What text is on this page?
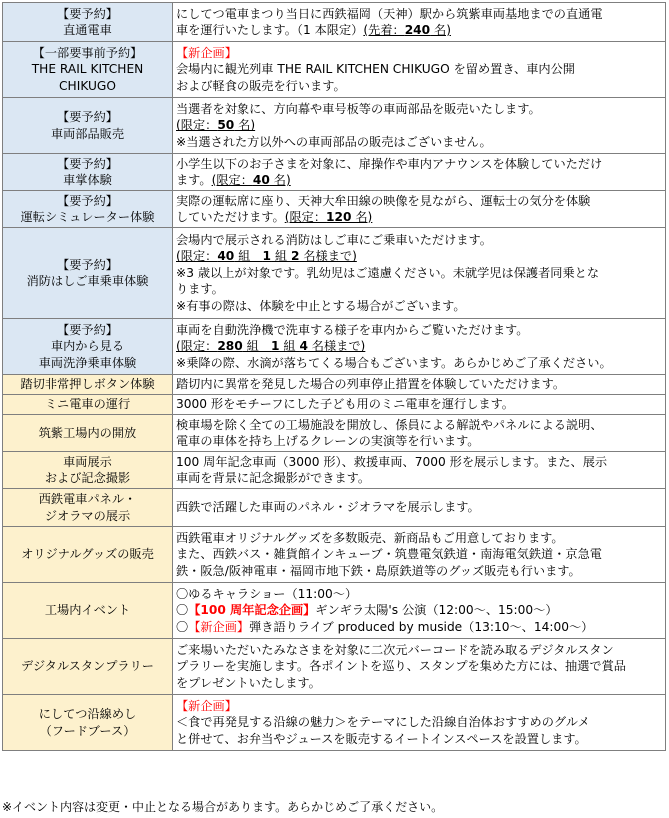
【要予約】
直通電車	にしてつ電車まつり当日に西鉄福岡（天神）駅から筑紫車両基地までの直通電
車を運行いたします。（1 本限定）(先着：240 名)

【一部要事前予約】
THE RAIL KITCHEN
CHIKUGO	【新企画】
会場内に観光列車 THE RAIL KITCHEN CHIKUGO を留め置き、車内公開
および軽食の販売を行います。

【要予約】
車両部品販売	当選者を対象に、方向幕や車号板等の車両部品を販売いたします。
(限定：50 名)
※当選された方以外への車両部品の販売はございません。

【要予約】
車掌体験	小学生以下のお子さまを対象に、扉操作や車内アナウンスを体験していただけ
ます。(限定：40 名)

【要予約】
運転シミュレーター体験	実際の運転席に座り、天神大牟田線の映像を見ながら、運転士の気分を体験
していただけます。(限定：120 名)

【要予約】
消防はしご車乗車体験	会場内で展示される消防はしご車にご乗車いただけます。
(限定：40 組　1 組 2 名様まで)
※3 歳以上が対象です。乳幼児はご遠慮ください。未就学児は保護者同乗とな
ります。
※有事の際は、体験を中止とする場合がございます。

【要予約】
車内から見る
車両洗浄乗車体験	車両を自動洗浄機で洗車する様子を車内からご覧いただけます。
(限定：280 組　1 組 4 名様まで)
※乗降の際、水滴が落ちてくる場合もございます。あらかじめご了承ください。

踏切非常押しボタン体験	踏切内に異常を発見した場合の列車停止措置を体験していただけます。

ミニ電車の運行	3000 形をモチーフにした子ども用のミニ電車を運行します。

筑紫工場内の開放	検車場を除く全ての工場施設を開放し、係員による解説やパネルによる説明、
電車の車体を持ち上げるクレーンの実演等を行います。

車両展示
および記念撮影	100 周年記念車両（3000 形）、救援車両、7000 形を展示します。また、展示
車両を背景に記念撮影ができます。

西鉄電車パネル・
ジオラマの展示	西鉄で活躍した車両のパネル・ジオラマを展示します。

オリジナルグッズの販売	西鉄電車オリジナルグッズを多数販売、新商品もご用意しております。
また、西鉄バス・雑貨館インキューブ・筑豊電気鉄道・南海電気鉄道・京急電
鉄・阪急/阪神電車・福岡市地下鉄・島原鉄道等のグッズ販売も行います。

工場内イベント	〇ゆるキャラショー（11:00～）
〇【100 周年記念企画】ギンギラ太陽's 公演（12:00～、15:00～）
〇【新企画】弾き語りライブ produced by muside（13:10～、14:00～）

デジタルスタンプラリー	ご来場いただいたみなさまを対象に二次元バーコードを読み取るデジタルスタン
プラリーを実施します。各ポイントを巡り、スタンプを集めた方には、抽選で賞品
をプレゼントいたします。

にしてつ沿線めし
（フードブース）	【新企画】
＜食で再発見する沿線の魅力＞をテーマにした沿線自治体おすすめのグルメ
と併せて、お弁当やジュースを販売するイートインスペースを設置します。
※イベント内容は変更・中止となる場合があります。あらかじめご了承ください。
